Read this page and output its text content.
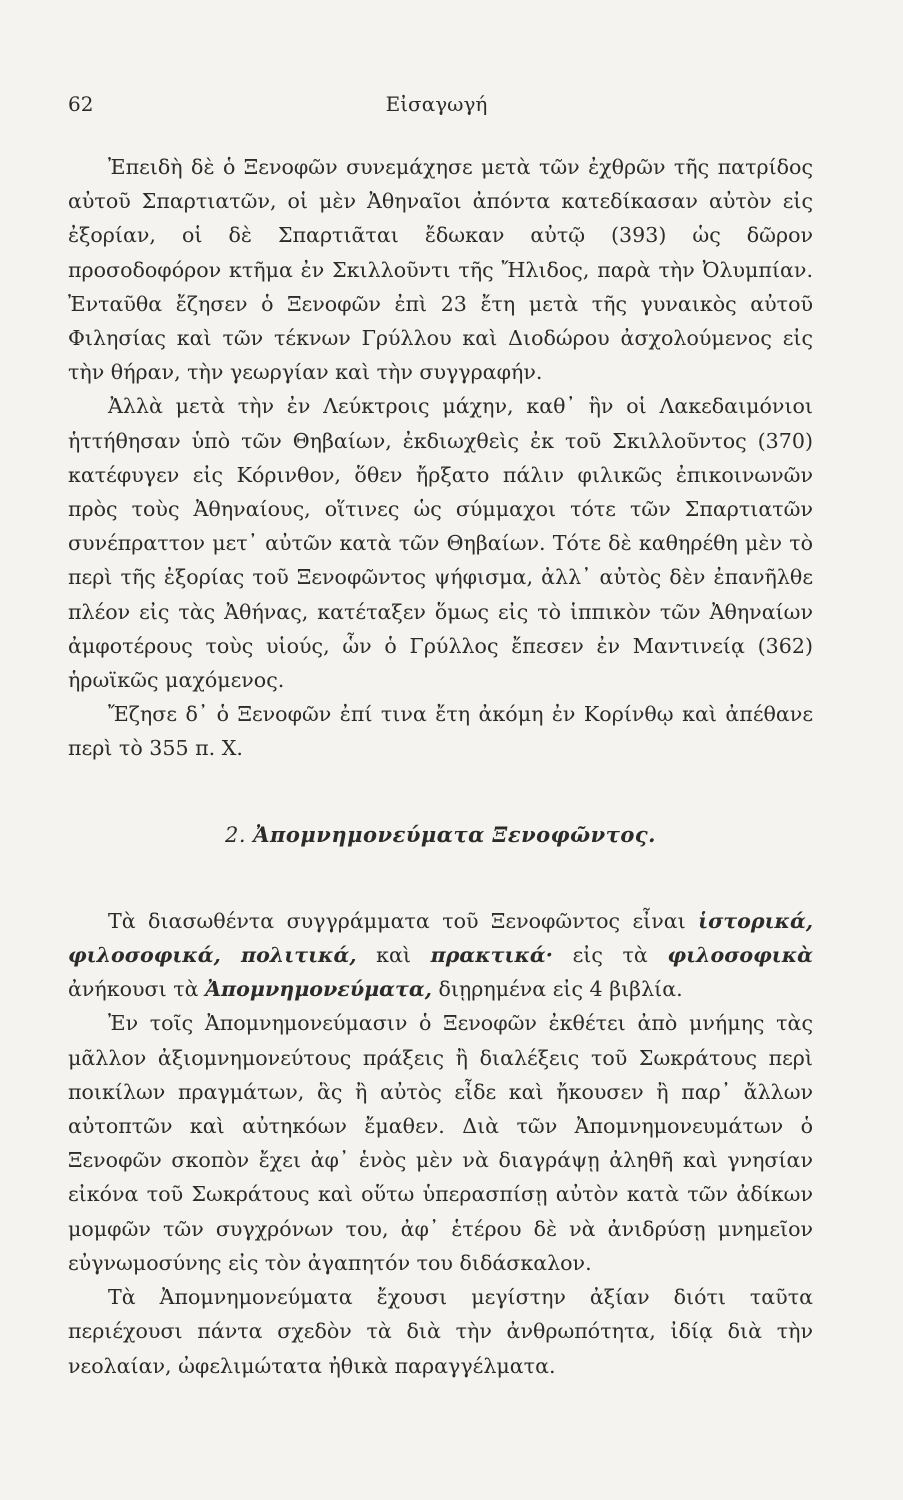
62	Εἰσαγωγή

Ἐπειδὴ δὲ ὁ Ξενοφῶν συνεμάχησε μετὰ τῶν ἐχθρῶν τῆς πατρίδος αὐτοῦ Σπαρτιατῶν, οἱ μὲν Ἀθηναῖοι ἀπόντα κατεδίκασαν αὐτὸν εἰς ἐξορίαν, οἱ δὲ Σπαρτιᾶται ἔδωκαν αὐτῷ (393) ὡς δῶρον προσοδοφόρον κτῆμα ἐν Σκιλλοῦντι τῆς Ἤλιδος, παρὰ τὴν Ὀλυμπίαν. Ἐνταῦθα ἔζησεν ὁ Ξενοφῶν ἐπὶ 23 ἔτη μετὰ τῆς γυναικὸς αὐτοῦ Φιλησίας καὶ τῶν τέκνων Γρύλλου καὶ Διοδώρου ἀσχολούμενος εἰς τὴν θήραν, τὴν γεωργίαν καὶ τὴν συγγραφήν.

Ἀλλὰ μετὰ τὴν ἐν Λεύκτροις μάχην, καθ᾽ ἣν οἱ Λακεδαιμόνιοι ἡττήθησαν ὑπὸ τῶν Θηβαίων, ἐκδιωχθεὶς ἐκ τοῦ Σκιλλοῦντος (370) κατέφυγεν εἰς Κόρινθον, ὅθεν ἤρξατο πάλιν φιλικῶς ἐπικοινωνῶν πρὸς τοὺς Ἀθηναίους, οἵτινες ὡς σύμμαχοι τότε τῶν Σπαρτιατῶν συνέπραττον μετ᾽ αὐτῶν κατὰ τῶν Θηβαίων. Τότε δὲ καθηρέθη μὲν τὸ περὶ τῆς ἐξορίας τοῦ Ξενοφῶντος ψήφισμα, ἀλλ᾽ αὐτὸς δὲν ἐπανῆλθε πλέον εἰς τὰς Ἀθήνας, κατέταξεν ὅμως εἰς τὸ ἱππικὸν τῶν Ἀθηναίων ἀμφοτέρους τοὺς υἱούς, ὧν ὁ Γρύλλος ἔπεσεν ἐν Μαντινείᾳ (362) ἡρωϊκῶς μαχόμενος.

Ἔζησε δ᾽ ὁ Ξενοφῶν ἐπί τινα ἔτη ἀκόμη ἐν Κορίνθῳ καὶ ἀπέθανε περὶ τὸ 355 π. Χ.

2. Ἀπομνημονεύματα Ξενοφῶντος.

Τὰ διασωθέντα συγγράμματα τοῦ Ξενοφῶντος εἶναι ἱστορικά, φιλοσοφικά, πολιτικά, καὶ πρακτικά· εἰς τὰ φιλοσοφικὰ ἀνήκουσι τὰ Ἀπομνημονεύματα, διῃρημένα εἰς 4 βιβλία.

Ἐν τοῖς Ἀπομνημονεύμασιν ὁ Ξενοφῶν ἐκθέτει ἀπὸ μνήμης τὰς μᾶλλον ἀξιομνημονεύτους πράξεις ἢ διαλέξεις τοῦ Σωκράτους περὶ ποικίλων πραγμάτων, ἃς ἢ αὐτὸς εἶδε καὶ ἤκουσεν ἢ παρ᾽ ἄλλων αὐτοπτῶν καὶ αὐτηκόων ἔμαθεν. Διὰ τῶν Ἀπομνημονευμάτων ὁ Ξενοφῶν σκοπὸν ἔχει ἀφ᾽ ἑνὸς μὲν νὰ διαγράψῃ ἀληθῆ καὶ γνησίαν εἰκόνα τοῦ Σωκράτους καὶ οὕτω ὑπερασπίσῃ αὐτὸν κατὰ τῶν ἀδίκων μομφῶν τῶν συγχρόνων του, ἀφ᾽ ἑτέρου δὲ νὰ ἀνιδρύσῃ μνημεῖον εὐγνωμοσύνης εἰς τὸν ἀγαπητόν του διδάσκαλον.

Τὰ Ἀπομνημονεύματα ἔχουσι μεγίστην ἀξίαν διότι ταῦτα περιέχουσι πάντα σχεδὸν τὰ διὰ τὴν ἀνθρωπότητα, ἰδίᾳ διὰ τὴν νεολαίαν, ὠφελιμώτατα ἠθικὰ παραγγέλματα.
